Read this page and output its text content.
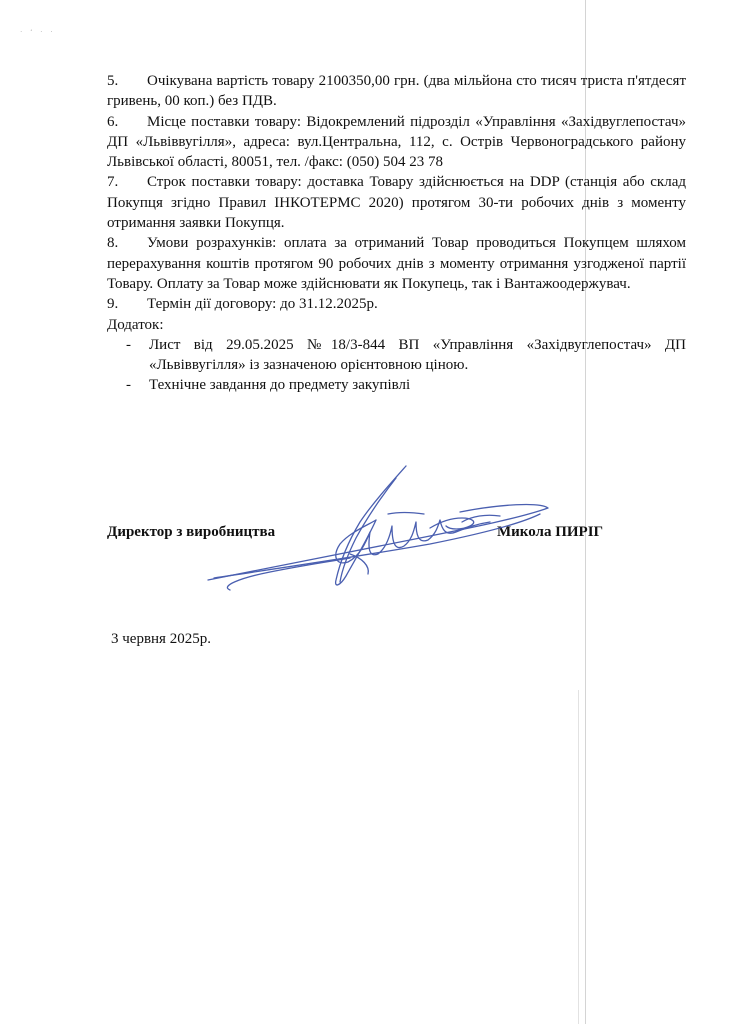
· ‘ · ·
5. Очікувана вартість товару 2100350,00 грн. (два мільйона сто тисяч триста п'ятдесят гривень, 00 коп.) без ПДВ.
6. Місце поставки товару: Відокремлений підрозділ «Управління «Західвуглепостач» ДП «Львіввугілля», адреса: вул.Центральна, 112, с. Острів Червоноградського району Львівської області, 80051, тел. /факс: (050) 504 23 78
7. Строк поставки товару: доставка Товару здійснюється на DDP (станція або склад Покупця згідно Правил ІНКОТЕРМС 2020) протягом 30-ти робочих днів з моменту отримання заявки Покупця.
8. Умови розрахунків: оплата за отриманий Товар проводиться Покупцем шляхом перерахування коштів протягом 90 робочих днів з моменту отримання узгодженої партії Товару. Оплату за Товар може здійснювати як Покупець, так і Вантажоодержувач.
9. Термін дії договору: до 31.12.2025р.
Додаток:
- Лист від 29.05.2025 №18/3-844 ВП «Управління «Західвуглепостач» ДП «Львіввугілля» із зазначеною орієнтовною ціною.
- Технічне завдання до предмету закупівлі
Директор з виробництва	Микола ПИРІГ
3 червня 2025р.
